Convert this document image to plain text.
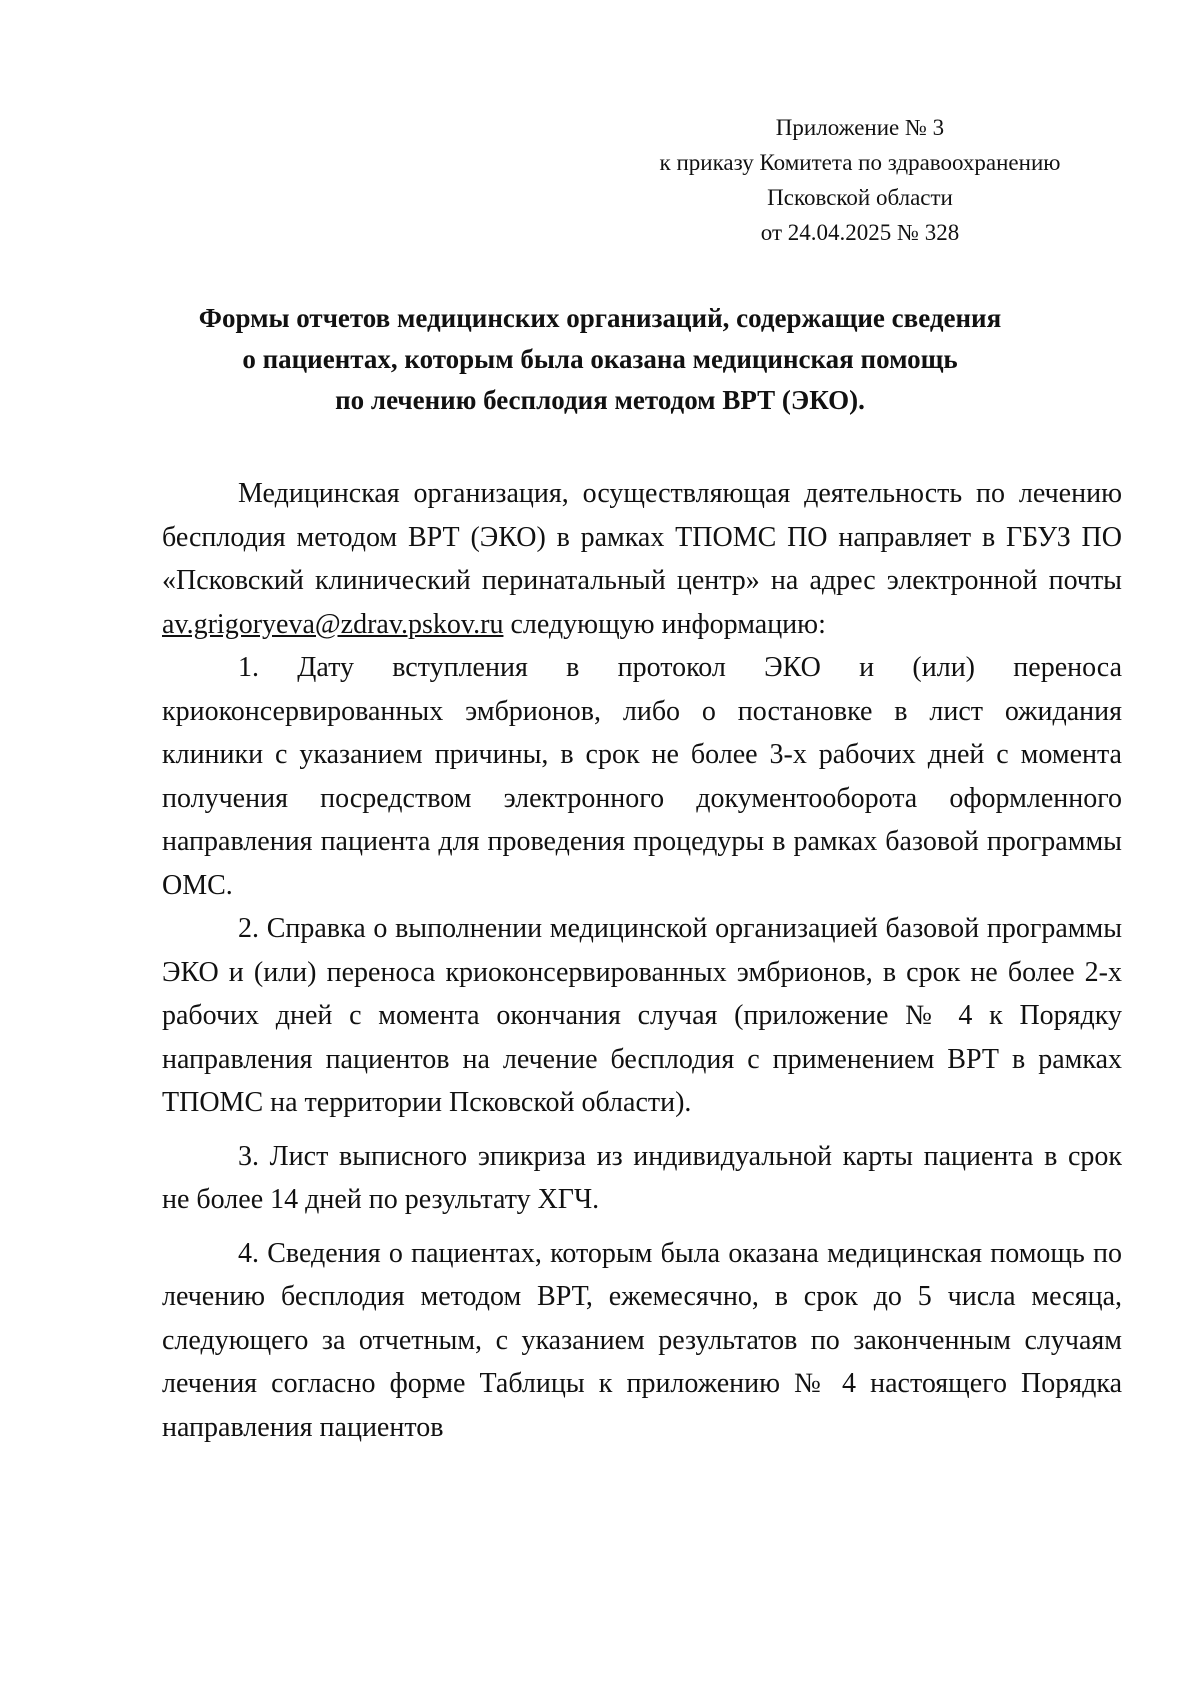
Приложение № 3
к приказу Комитета по здравоохранению
Псковской области
от 24.04.2025 № 328
Формы отчетов медицинских организаций, содержащие сведения
о пациентах, которым была оказана медицинская помощь
по лечению бесплодия методом ВРТ (ЭКО).

Медицинская организация, осуществляющая деятельность по лечению бесплодия методом ВРТ (ЭКО) в рамках ТПОМС ПО направляет в ГБУЗ ПО «Псковский клинический перинатальный центр» на адрес электронной почты av.grigoryeva@zdrav.pskov.ru следующую информацию:

1. Дату вступления в протокол ЭКО и (или) переноса криоконсервированных эмбрионов, либо о постановке в лист ожидания клиники с указанием причины, в срок не более 3-х рабочих дней с момента получения посредством электронного документооборота оформленного направления пациента для проведения процедуры в рамках базовой программы ОМС.

2. Справка о выполнении медицинской организацией базовой программы ЭКО и (или) переноса криоконсервированных эмбрионов, в срок не более 2-х рабочих дней с момента окончания случая (приложение № 4 к Порядку направления пациентов на лечение бесплодия с применением ВРТ в рамках ТПОМС на территории Псковской области).

3. Лист выписного эпикриза из индивидуальной карты пациента в срок не более 14 дней по результату ХГЧ.

4. Сведения о пациентах, которым была оказана медицинская помощь по лечению бесплодия методом ВРТ, ежемесячно, в срок до 5 числа месяца, следующего за отчетным, с указанием результатов по законченным случаям лечения согласно форме Таблицы к приложению № 4 настоящего Порядка направления пациентов
